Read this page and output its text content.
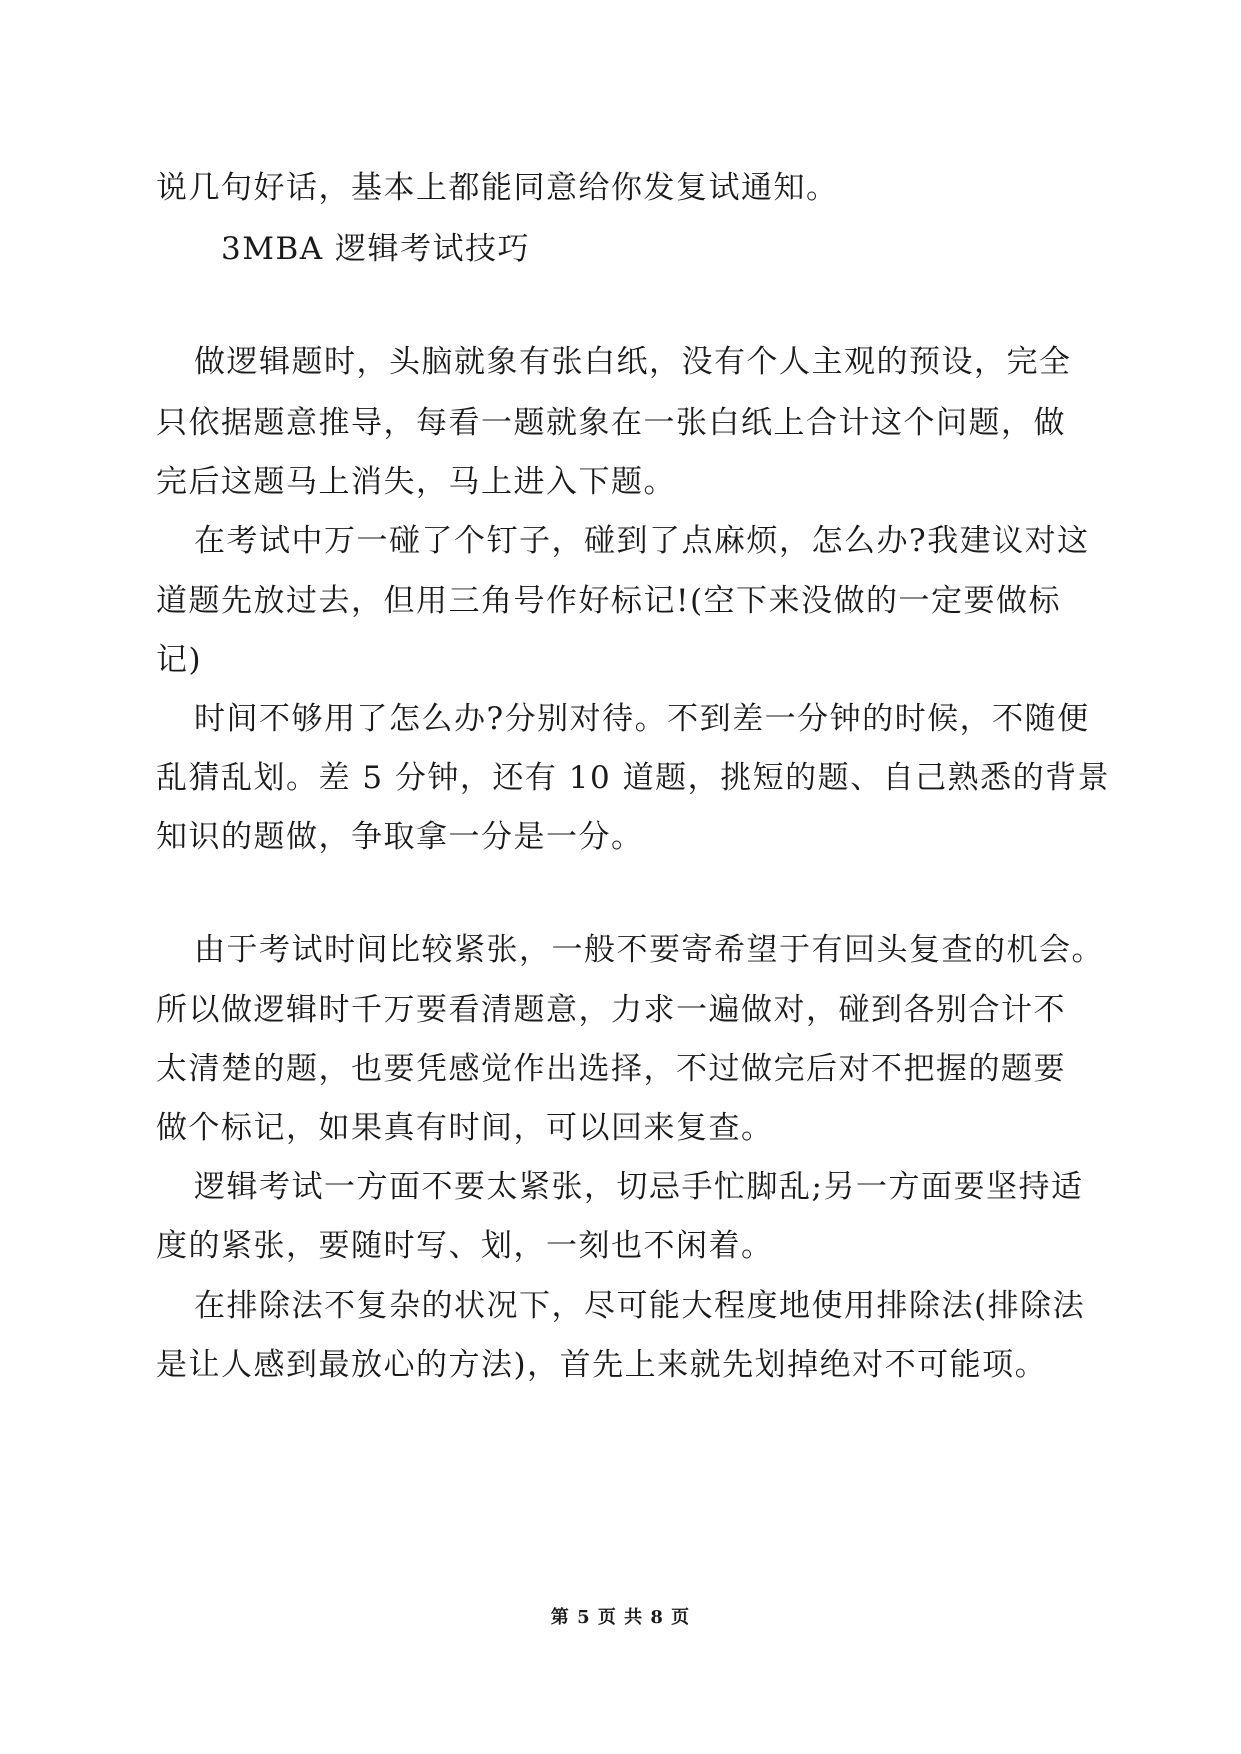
说几句好话，基本上都能同意给你发复试通知。
3MBA 逻辑考试技巧
做逻辑题时，头脑就象有张白纸，没有个人主观的预设，完全
只依据题意推导，每看一题就象在一张白纸上合计这个问题，做
完后这题马上消失，马上进入下题。
在考试中万一碰了个钉子，碰到了点麻烦，怎么办?我建议对这
道题先放过去，但用三角号作好标记!(空下来没做的一定要做标
记)
时间不够用了怎么办?分别对待。不到差一分钟的时候，不随便
乱猜乱划。差 5 分钟，还有 10 道题，挑短的题、自己熟悉的背景
知识的题做，争取拿一分是一分。
由于考试时间比较紧张，一般不要寄希望于有回头复查的机会。
所以做逻辑时千万要看清题意，力求一遍做对，碰到各别合计不
太清楚的题，也要凭感觉作出选择，不过做完后对不把握的题要
做个标记，如果真有时间，可以回来复查。
逻辑考试一方面不要太紧张，切忌手忙脚乱;另一方面要坚持适
度的紧张，要随时写、划，一刻也不闲着。
在排除法不复杂的状况下，尽可能大程度地使用排除法(排除法
是让人感到最放心的方法)，首先上来就先划掉绝对不可能项。
第 5 页 共 8 页
